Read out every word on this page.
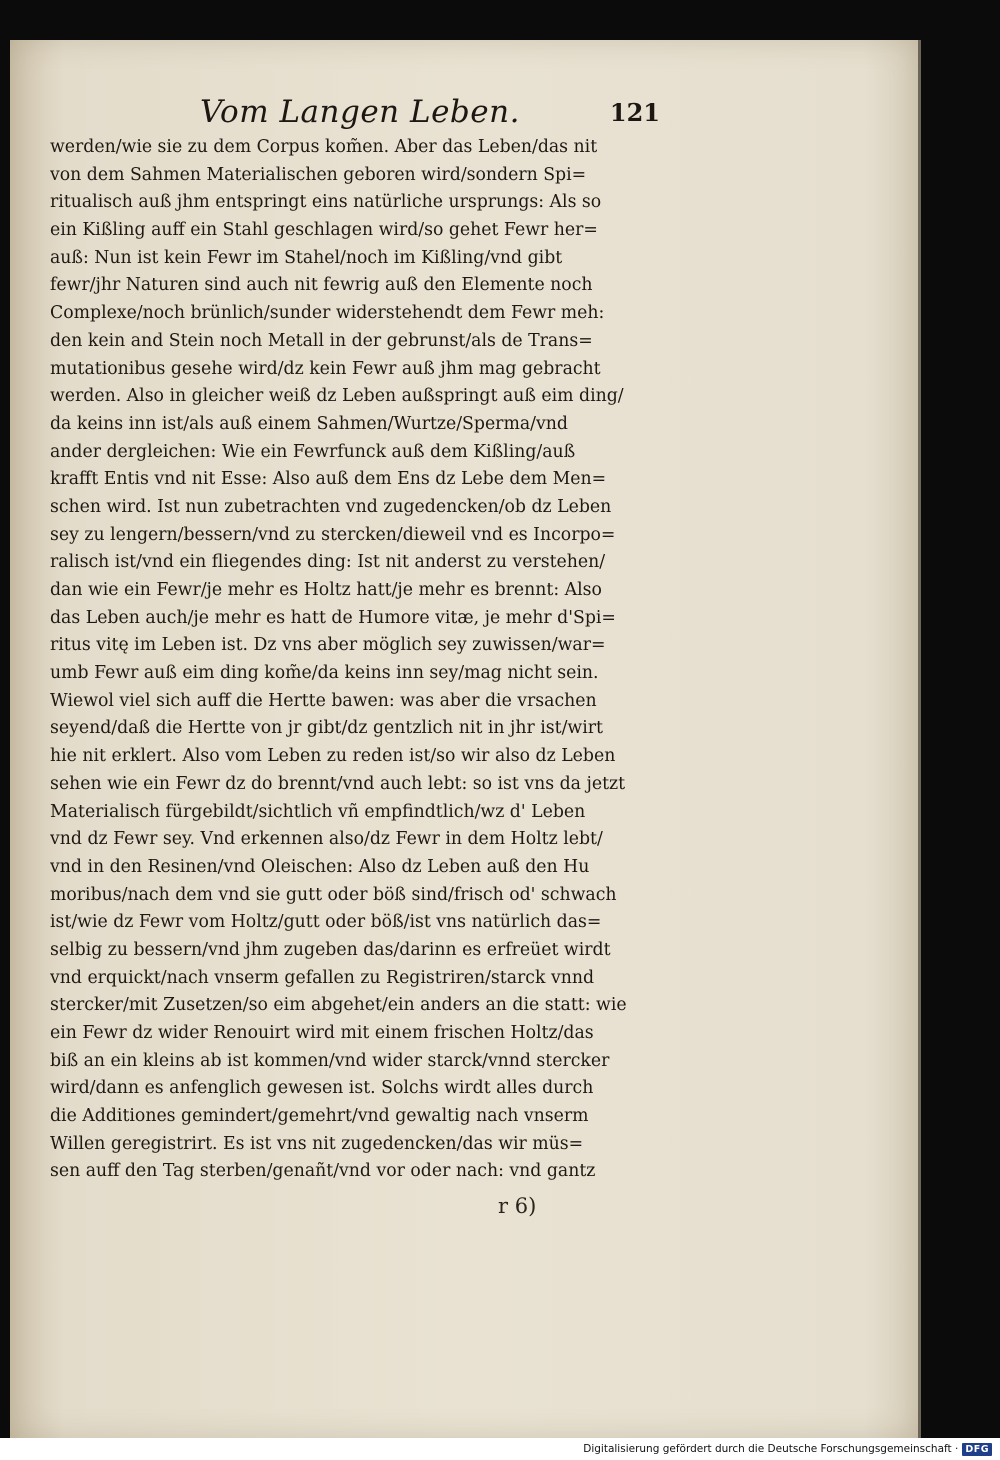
Vom Langen Leben.	121
werden/wie sie zu dem Corpus kom̃en. Aber das Leben/das nit
von dem Sahmen Materialischen geboren wird/sondern Spi=
ritualisch auß jhm entspringt eins natürliche ursprungs: Als so
ein Kißling auff ein Stahl geschlagen wird/so gehet Fewr her=
auß: Nun ist kein Fewr im Stahel/noch im Kißling/vnd gibt
fewr/jhr Naturen sind auch nit fewrig auß den Elemente noch
Complexe/noch brünlich/sunder widerstehendt dem Fewr meh:
den kein and Stein noch Metall in der gebrunst/als de Trans=
mutationibus gesehe wird/dz kein Fewr auß jhm mag gebracht
werden. Also in gleicher weiß dz Leben außspringt auß eim ding/
da keins inn ist/als auß einem Sahmen/Wurtze/Sperma/vnd
ander dergleichen: Wie ein Fewrfunck auß dem Kißling/auß
krafft Entis vnd nit Esse: Also auß dem Ens dz Lebe dem Men=
schen wird. Ist nun zubetrachten vnd zugedencken/ob dz Leben
sey zu lengern/bessern/vnd zu stercken/dieweil vnd es Incorpo=
ralisch ist/vnd ein fliegendes ding: Ist nit anderst zu verstehen/
dan wie ein Fewr/je mehr es Holtz hatt/je mehr es brennt: Also
das Leben auch/je mehr es hatt de Humore vitæ, je mehr d'Spi=
ritus vitę im Leben ist. Dz vns aber möglich sey zuwissen/war=
umb Fewr auß eim ding kom̃e/da keins inn sey/mag nicht sein.
Wiewol viel sich auff die Hertte bawen: was aber die vrsachen
seyend/daß die Hertte von jr gibt/dz gentzlich nit in jhr ist/wirt
hie nit erklert. Also vom Leben zu reden ist/so wir also dz Leben
sehen wie ein Fewr dz do brennt/vnd auch lebt: so ist vns da jetzt
Materialisch fürgebildt/sichtlich vñ empfindtlich/wz d' Leben
vnd dz Fewr sey. Vnd erkennen also/dz Fewr in dem Holtz lebt/
vnd in den Resinen/vnd Oleischen: Also dz Leben auß den Hu
moribus/nach dem vnd sie gutt oder böß sind/frisch od' schwach
ist/wie dz Fewr vom Holtz/gutt oder böß/ist vns natürlich das=
selbig zu bessern/vnd jhm zugeben das/darinn es erfreüet wirdt
vnd erquickt/nach vnserm gefallen zu Registriren/starck vnnd
stercker/mit Zusetzen/so eim abgehet/ein anders an die statt: wie
ein Fewr dz wider Renouirt wird mit einem frischen Holtz/das
biß an ein kleins ab ist kommen/vnd wider starck/vnnd stercker
wird/dann es anfenglich gewesen ist. Solchs wirdt alles durch
die Additiones gemindert/gemehrt/vnd gewaltig nach vnserm
Willen geregistrirt. Es ist vns nit zugedencken/das wir müs=
sen auff den Tag sterben/genañt/vnd vor oder nach: vnd gantz
r 6)
Digitalisierung gefördert durch die Deutsche Forschungsgemeinschaft · DFG
